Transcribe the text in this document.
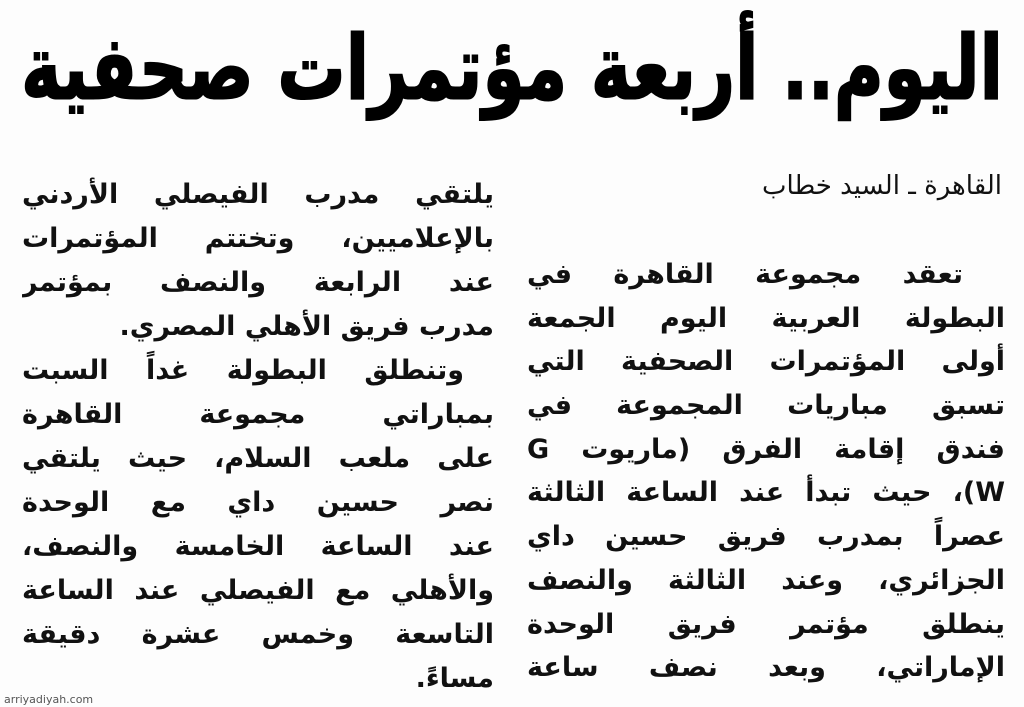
اليوم.. أربعة مؤتمرات صحفية
القاهرة ـ السيد خطاب
تعقد مجموعة القاهرة في
البطولة العربية اليوم الجمعة
أولى المؤتمرات الصحفية التي
تسبق مباريات المجموعة في
فندق إقامة الفرق (ماريوت G
W)، حيث تبدأ عند الساعة الثالثة
عصراً بمدرب فريق حسين داي
الجزائري، وعند الثالثة والنصف
ينطلق مؤتمر فريق الوحدة
الإماراتي، وبعد نصف ساعة
يلتقي مدرب الفيصلي الأردني
بالإعلاميين، وتختتم المؤتمرات
عند الرابعة والنصف بمؤتمر
مدرب فريق الأهلي المصري.
وتنطلق البطولة غداً السبت
بمباراتي مجموعة القاهرة
على ملعب السلام، حيث يلتقي
نصر حسين داي مع الوحدة
عند الساعة الخامسة والنصف،
والأهلي مع الفيصلي عند الساعة
التاسعة وخمس عشرة دقيقة
مساءً.
arriyadiyah.com
